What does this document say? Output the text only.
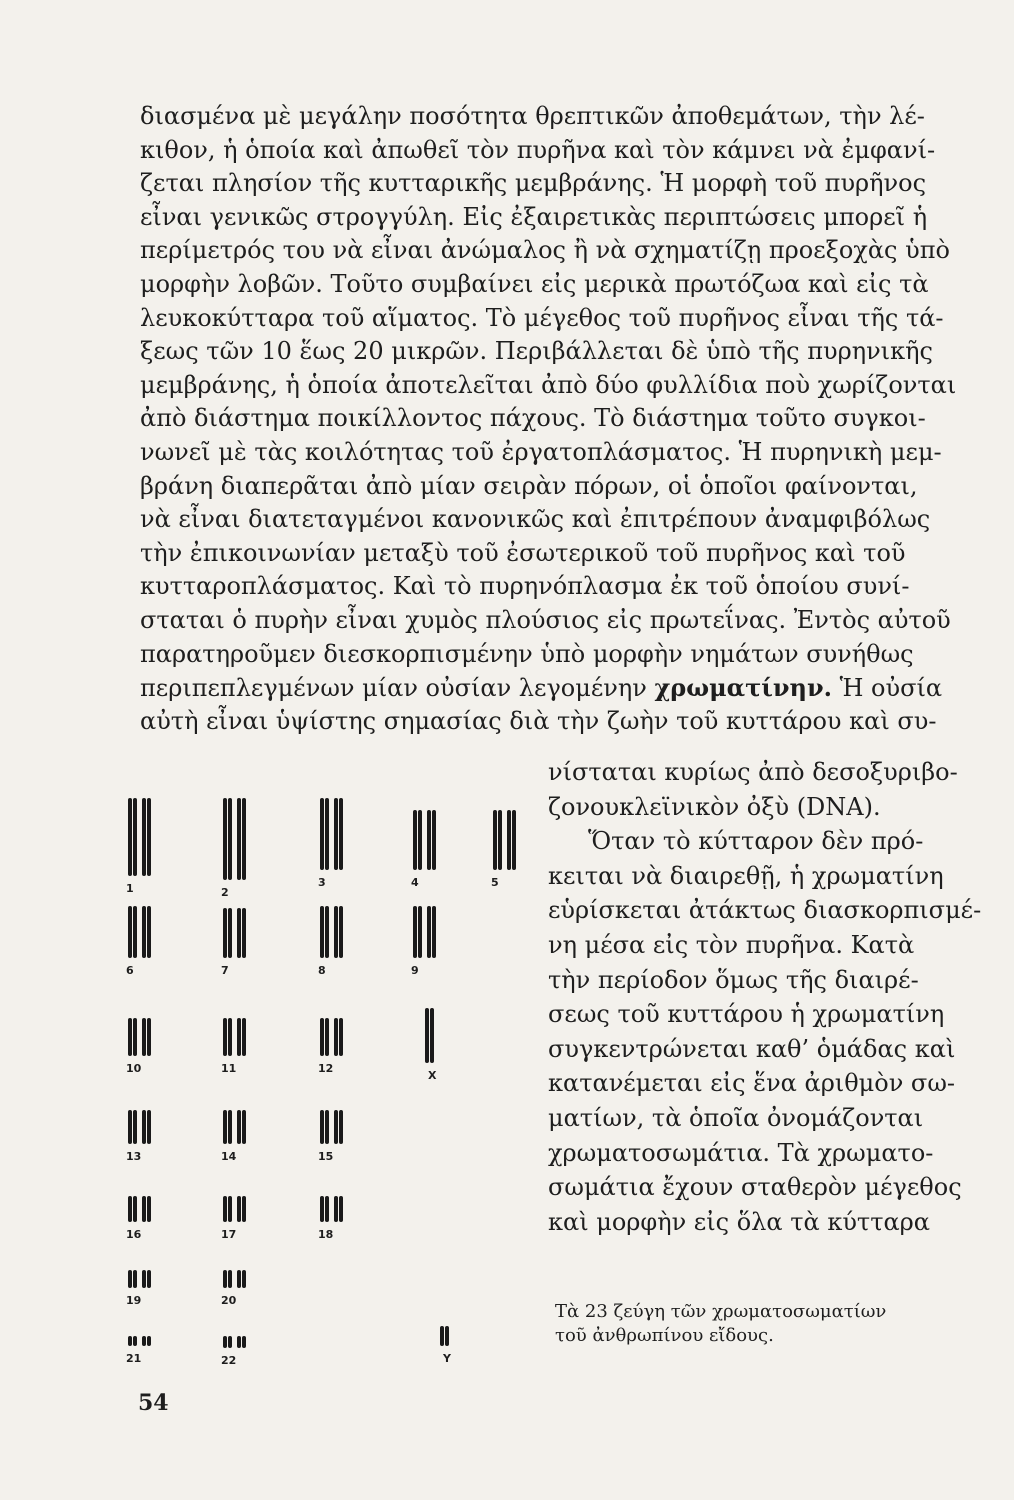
διασμένα μὲ μεγάλην ποσότητα θρεπτικῶν ἀποθεμάτων, τὴν λέ-
κιθον, ἡ ὁποία καὶ ἀπωθεῖ τὸν πυρῆνα καὶ τὸν κάμνει νὰ ἐμφανί-
ζεται πλησίον τῆς κυτταρικῆς μεμβράνης. Ἡ μορφὴ τοῦ πυρῆνος
εἶναι γενικῶς στρογγύλη. Εἰς ἐξαιρετικὰς περιπτώσεις μπορεῖ ἡ
περίμετρός του νὰ εἶναι ἀνώμαλος ἢ νὰ σχηματίζῃ προεξοχὰς ὑπὸ
μορφὴν λοβῶν. Τοῦτο συμβαίνει εἰς μερικὰ πρωτόζωα καὶ εἰς τὰ
λευκοκύτταρα τοῦ αἵματος. Τὸ μέγεθος τοῦ πυρῆνος εἶναι τῆς τά-
ξεως τῶν 10 ἕως 20 μικρῶν. Περιβάλλεται δὲ ὑπὸ τῆς πυρηνικῆς
μεμβράνης, ἡ ὁποία ἀποτελεῖται ἀπὸ δύο φυλλίδια ποὺ χωρίζονται
ἀπὸ διάστημα ποικίλλοντος πάχους. Τὸ διάστημα τοῦτο συγκοι-
νωνεῖ μὲ τὰς κοιλότητας τοῦ ἐργατοπλάσματος. Ἡ πυρηνικὴ μεμ-
βράνη διαπερᾶται ἀπὸ μίαν σειρὰν πόρων, οἱ ὁποῖοι φαίνονται,
νὰ εἶναι διατεταγμένοι κανονικῶς καὶ ἐπιτρέπουν ἀναμφιβόλως
τὴν ἐπικοινωνίαν μεταξὺ τοῦ ἐσωτερικοῦ τοῦ πυρῆνος καὶ τοῦ
κυτταροπλάσματος. Καὶ τὸ πυρηνόπλασμα ἐκ τοῦ ὁποίου συνί-
σταται ὁ πυρὴν εἶναι χυμὸς πλούσιος εἰς πρωτεΐνας. Ἐντὸς αὐτοῦ
παρατηροῦμεν διεσκορπισμένην ὑπὸ μορφὴν νημάτων συνήθως
περιπεπλεγμένων μίαν οὐσίαν λεγομένην χρωματίνην. Ἡ οὐσία
αὐτὴ εἶναι ὑψίστης σημασίας διὰ τὴν ζωὴν τοῦ κυττάρου καὶ συ-
νίσταται κυρίως ἀπὸ δεσοξυριβο-
ζονουκλεϊνικὸν ὀξὺ (DNA).
Ὅταν τὸ κύτταρον δὲν πρό-
κειται νὰ διαιρεθῇ, ἡ χρωματίνη
εὑρίσκεται ἀτάκτως διασκορπισμέ-
νη μέσα εἰς τὸν πυρῆνα. Κατὰ
τὴν περίοδον ὅμως τῆς διαιρέ-
σεως τοῦ κυττάρου ἡ χρωματίνη
συγκεντρώνεται καθ’ ὁμάδας καὶ
κατανέμεται εἰς ἕνα ἀριθμὸν σω-
ματίων, τὰ ὁποῖα ὀνομάζονται
χρωματοσωμάτια. Τὰ χρωματο-
σωμάτια ἔχουν σταθερὸν μέγεθος
καὶ μορφὴν εἰς ὅλα τὰ κύτταρα
1	2
3	4	5
6	7	8	9
10	11	12
X
13	14	15
16	17	18
19	20
21	22	Y
Τὰ 23 ζεύγη τῶν χρωματοσωματίων
τοῦ ἀνθρωπίνου εἴδους.
54
